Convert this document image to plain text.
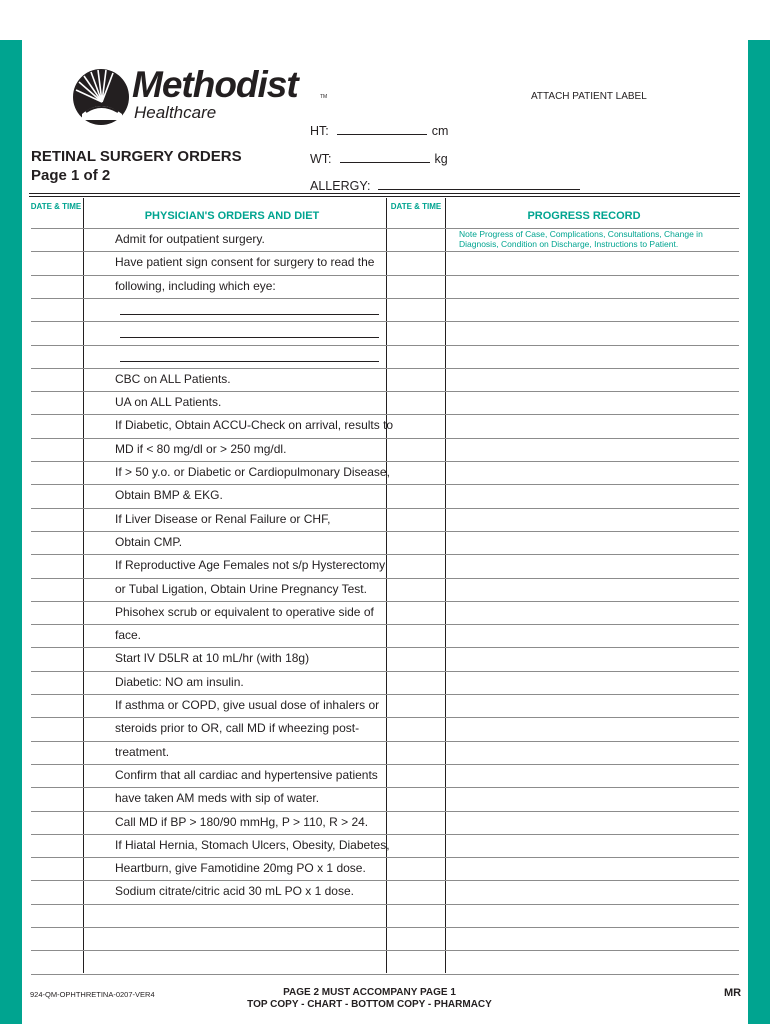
Methodist
Healthcare
TM	ATTACH PATIENT LABEL
RETINAL SURGERY ORDERS
Page 1 of 2
HT:	cm
WT:	kg
ALLERGY:
DATE & TIME
PHYSICIAN'S ORDERS AND DIET
DATE & TIME
PROGRESS RECORD
Note Progress of Case, Complications, Consultations, Change in Diagnosis, Condition on Discharge, Instructions to Patient.
Admit for outpatient surgery.
Have patient sign consent for surgery to read the
following, including which eye:
CBC on ALL Patients.
UA on ALL Patients.
If Diabetic, Obtain ACCU-Check on arrival, results to
MD if < 80 mg/dl or > 250 mg/dl.
If > 50 y.o. or Diabetic or Cardiopulmonary Disease,
Obtain BMP & EKG.
If Liver Disease or Renal Failure or CHF,
Obtain CMP.
If Reproductive Age Females not s/p Hysterectomy
or Tubal Ligation, Obtain Urine Pregnancy Test.
Phisohex scrub or equivalent to operative side of
face.
Start IV D5LR at 10 mL/hr (with 18g)
Diabetic: NO am insulin.
If asthma or COPD, give usual dose of inhalers or
steroids prior to OR, call MD if wheezing post-
treatment.
Confirm that all cardiac and hypertensive patients
have taken AM meds with sip of water.
Call MD if BP > 180/90 mmHg, P > 110, R > 24.
If Hiatal Hernia, Stomach Ulcers, Obesity, Diabetes,
Heartburn, give Famotidine 20mg PO x 1 dose.
Sodium citrate/citric acid 30 mL PO x 1 dose.
924-QM-OPHTHRETINA-0207-VER4	PAGE 2 MUST ACCOMPANY PAGE 1
TOP COPY - CHART - BOTTOM COPY - PHARMACY
MR
